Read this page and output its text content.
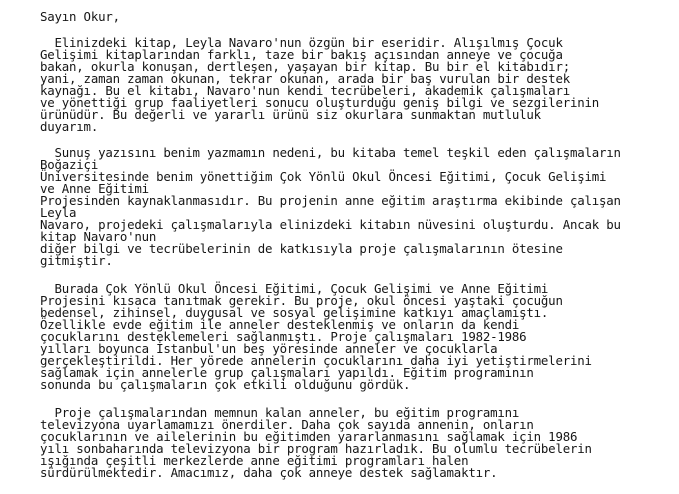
Sayın Okur,
Elinizdeki kitap, Leyla Navaro'nun özgün bir eseridir. Alışılmış Çocuk
Gelişimi kitaplarından farklı, taze bir bakış açısından anneye ve çocuğa
bakan, okurla konuşan, dertleşen, yaşayan bir kitap. Bu bir el kitabıdır;
yani, zaman zaman okunan, tekrar okunan, arada bir baş vurulan bir destek
kaynağı. Bu el kitabı, Navaro'nun kendi tecrübeleri, akademik çalışmaları
ve yönettiği grup faaliyetleri sonucu oluşturduğu geniş bilgi ve sezgilerinin
ürünüdür. Bu değerli ve yararlı ürünü siz okurlara sunmaktan mutluluk
duyarım.
Sunuş yazısını benim yazmamın nedeni, bu kitaba temel teşkil eden çalışmaların
Boğaziçi
Üniversitesinde benim yönettiğim Çok Yönlü Okul Öncesi Eğitimi, Çocuk Gelişimi
ve Anne Eğitimi
Projesinden kaynaklanmasıdır. Bu projenin anne eğitim araştırma ekibinde çalışan
Leyla
Navaro, projedeki çalışmalarıyla elinizdeki kitabın nüvesini oluşturdu. Ancak bu
kitap Navaro'nun
diğer bilgi ve tecrübelerinin de katkısıyla proje çalışmalarının ötesine
gitmiştir.
Burada Çok Yönlü Okul Öncesi Eğitimi, Çocuk Gelişimi ve Anne Eğitimi
Projesini kısaca tanıtmak gerekir. Bu proje, okul öncesi yaştaki çocuğun
bedensel, zihinsel, duygusal ve sosyal gelişimine katkıyı amaçlamıştı.
Özellikle evde eğitim ile anneler desteklenmiş ve onların da kendi
çocuklarını desteklemeleri sağlanmıştı. Proje çalışmaları 1982-1986
yılları boyunca İstanbul'un beş yöresinde anneler ve çocuklarla
gerçekleştirildi. Her yörede annelerin çocuklarını daha iyi yetiştirmelerini
sağlamak için annelerle grup çalışmaları yapıldı. Eğitim programının
sonunda bu çalışmaların çok etkili olduğunu gördük.
Proje çalışmalarından memnun kalan anneler, bu eğitim programını
televizyona uyarlamamızı önerdiler. Daha çok sayıda annenin, onların
çocuklarının ve ailelerinin bu eğitimden yararlanmasını sağlamak için 1986
yılı sonbaharında televizyona bir program hazırladık. Bu olumlu tecrübelerin
ışığında çeşitli merkezlerde anne eğitimi programları halen
sürdürülmektedir. Amacımız, daha çok anneye destek sağlamaktır.
